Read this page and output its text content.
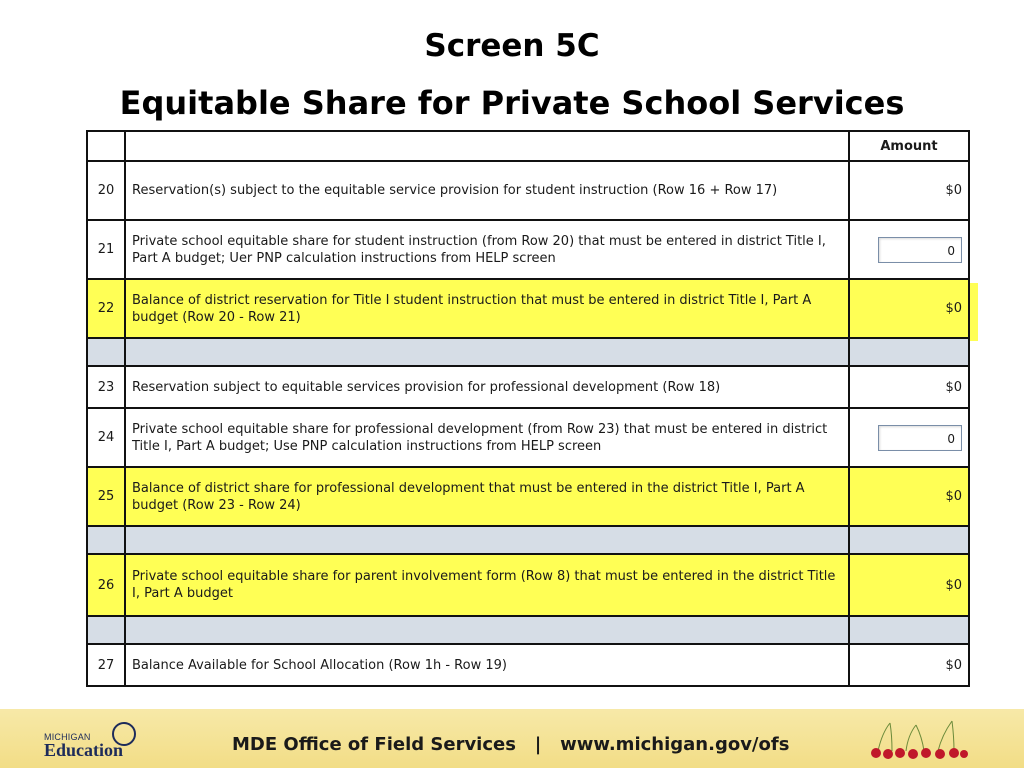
Screen 5C
Equitable Share for Private School Services
		Amount
20	Reservation(s) subject to the equitable service provision for student instruction (Row 16 + Row 17)	$0
21	Private school equitable share for student instruction (from Row 20) that must be entered in district Title I, Part A budget; Uer PNP calculation instructions from HELP screen	0
22	Balance of district reservation for Title I student instruction that must be entered in district Title I, Part A budget (Row 20 - Row 21)	$0

23	Reservation subject to equitable services provision for professional development (Row 18)	$0
24	Private school equitable share for professional development (from Row 23) that must be entered in district Title I, Part A budget; Use PNP calculation instructions from HELP screen	0
25	Balance of district share for professional development that must be entered in the district Title I, Part A budget (Row 23 - Row 24)	$0

26	Private school equitable share for parent involvement form (Row 8) that must be entered in the district Title I, Part A budget	$0

27	Balance Available for School Allocation (Row 1h - Row 19)	$0
MICHIGAN
Education	MDE Office of Field Services   |   www.michigan.gov/ofs
